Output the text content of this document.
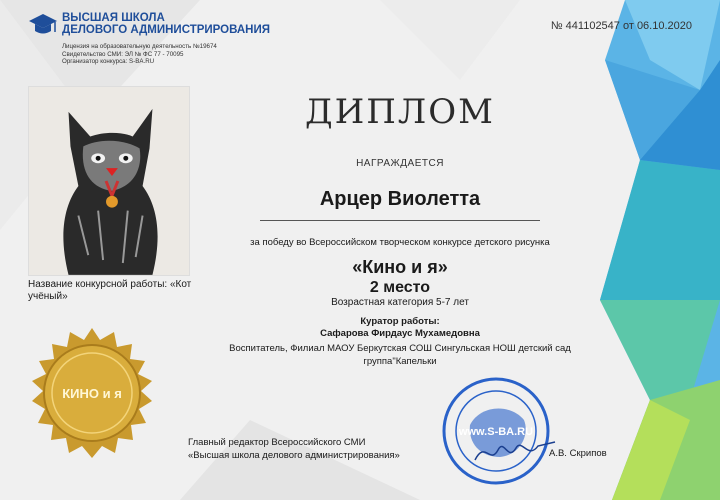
ВЫСШАЯ ШКОЛА
ДЕЛОВОГО АДМИНИСТРИРОВАНИЯ
Лицензия на образовательную деятельность №19674
Свидетельство СМИ: ЭЛ № ФС 77 - 70095
Организатор конкурса: S-BA.RU
№ 441102547 от 06.10.2020
Название конкурсной работы: «Кот учёный»
КИНО и я
ДИПЛОМ
НАГРАЖДАЕТСЯ
Арцер Виолетта
за победу во Всероссийском творческом конкурсе детского рисунка
«Кино и я»
2 место
Возрастная категория 5-7 лет
Куратор работы:
Сафарова Фирдаус Мухамедовна
Воспитатель, Филиал МАОУ Беркутская СОШ Сингульская НОШ детский сад группа"Капельки
www.S-BA.RU
Главный редактор Всероссийского СМИ
«Высшая школа делового администрирования»	А.В. Скрипов
